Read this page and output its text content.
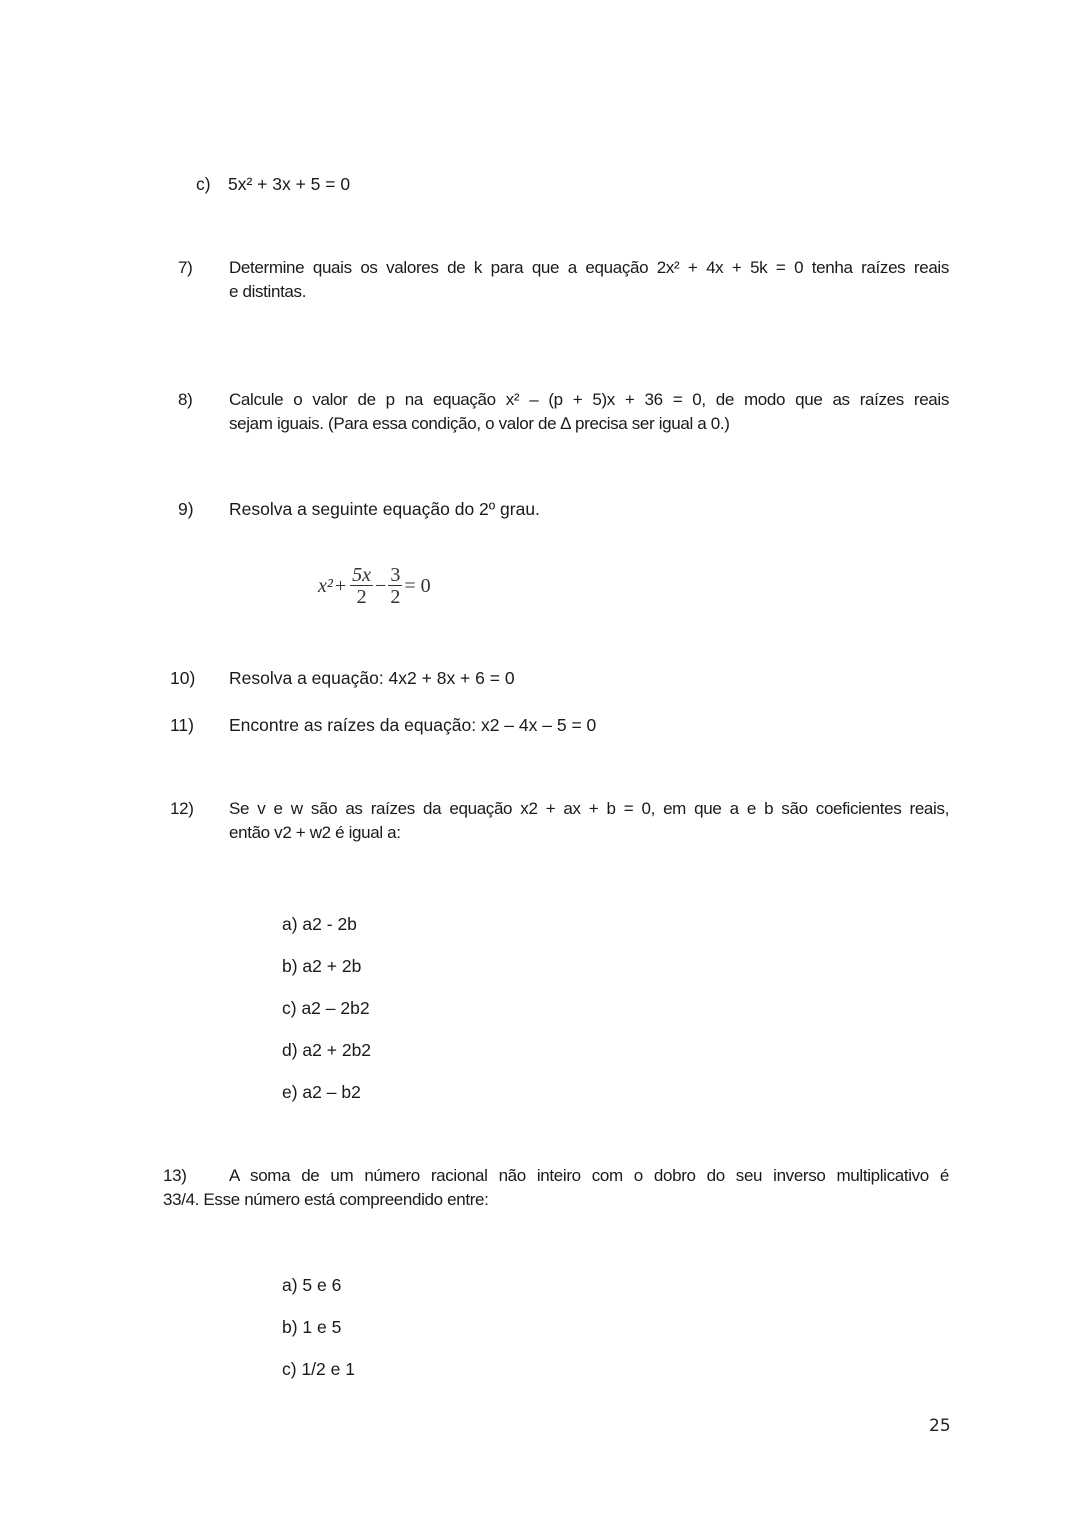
c) 5x² + 3x + 5 = 0
7) Determine quais os valores de k para que a equação 2x² + 4x + 5k = 0 tenha raízes reais
e distintas.
8) Calcule o valor de p na equação x² – (p + 5)x + 36 = 0, de modo que as raízes reais
sejam iguais. (Para essa condição, o valor de ∆ precisa ser igual a 0.)
9) Resolva a seguinte equação do 2º grau.
$x^2 + \frac{5x}{2} - \frac{3}{2} = 0$
10) Resolva a equação: 4x2 + 8x + 6 = 0
11) Encontre as raízes da equação: x2 – 4x – 5 = 0
12) Se v e w são as raízes da equação x2 + ax + b = 0, em que a e b são coeficientes reais,
então v2 + w2 é igual a:
a) a2 - 2b
b) a2 + 2b
c) a2 – 2b2
d) a2 + 2b2
e) a2 – b2
13) A soma de um número racional não inteiro com o dobro do seu inverso multiplicativo é
33/4. Esse número está compreendido entre:
a) 5 e 6
b) 1 e 5
c) 1/2 e 1
25
